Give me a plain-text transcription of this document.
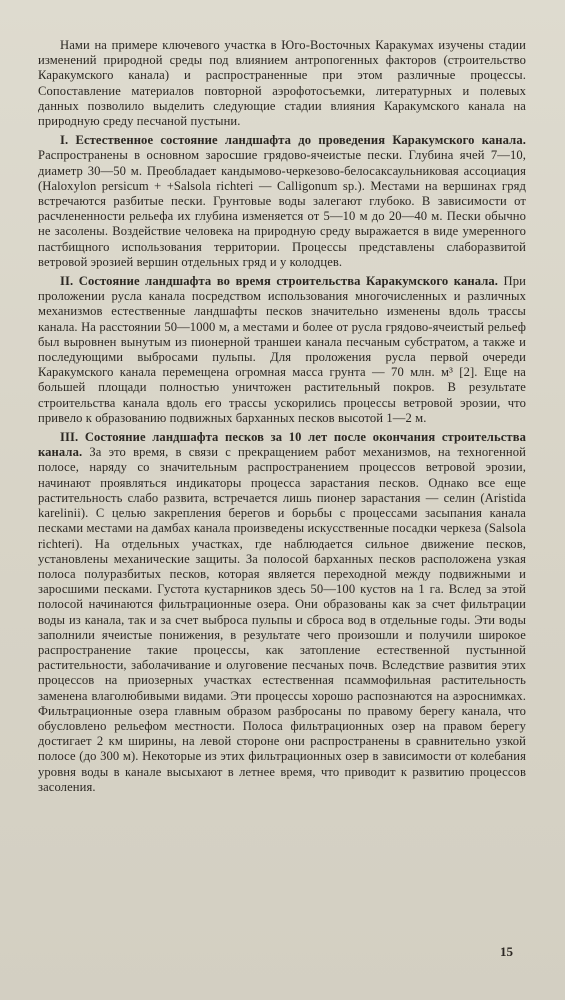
Нами на примере ключевого участка в Юго-Восточных Каракумах изучены стадии изменений природной среды под влиянием антропогенных факторов (строительство Каракумского канала) и распространенные при этом различные процессы. Сопоставление материалов повторной аэрофотосъемки, литературных и полевых данных позволило выделить следующие стадии влияния Каракумского канала на природную среду песчаной пустыни.

I. Естественное состояние ландшафта до проведения Каракумского канала. Распространены в основном заросшие грядово-ячеистые пески. Глубина ячей 7—10, диаметр 30—50 м. Преобладает кандымово-черкезово-белосаксаульниковая ассоциация (Haloxylon persicum + +Salsola richteri — Calligonum sp.). Местами на вершинах гряд встречаются разбитые пески. Грунтовые воды залегают глубоко. В зависимости от расчлененности рельефа их глубина изменяется от 5—10 м до 20—40 м. Пески обычно не засолены. Воздействие человека на природную среду выражается в виде умеренного пастбищного использования территории. Процессы представлены слаборазвитой ветровой эрозией вершин отдельных гряд и у колодцев.

II. Состояние ландшафта во время строительства Каракумского канала. При проложении русла канала посредством использования многочисленных и различных механизмов естественные ландшафты песков значительно изменены вдоль трассы канала. На расстоянии 50—1000 м, а местами и более от русла грядово-ячеистый рельеф был выровнен вынутым из пионерной траншеи канала песчаным субстратом, а также и последующими выбросами пульпы. Для проложения русла первой очереди Каракумского канала перемещена огромная масса грунта — 70 млн. м³ [2]. Еще на большей площади полностью уничтожен растительный покров. В результате строительства канала вдоль его трассы ускорились процессы ветровой эрозии, что привело к образованию подвижных барханных песков высотой 1—2 м.

III. Состояние ландшафта песков за 10 лет после окончания строительства канала. За это время, в связи с прекращением работ механизмов, на техногенной полосе, наряду со значительным распространением процессов ветровой эрозии, начинают проявляться индикаторы процесса зарастания песков. Однако все еще растительность слабо развита, встречается лишь пионер зарастания — селин (Aristida karelinii). С целью закрепления берегов и борьбы с процессами засыпания канала песками местами на дамбах канала произведены искусственные посадки черкеза (Salsola richteri). На отдельных участках, где наблюдается сильное движение песков, установлены механические защиты. За полосой барханных песков расположена узкая полоса полуразбитых песков, которая является переходной между подвижными и заросшими песками. Густота кустарников здесь 50—100 кустов на 1 га. Вслед за этой полосой начинаются фильтрационные озера. Они образованы как за счет фильтрации воды из канала, так и за счет выброса пульпы и сброса вод в отдельные годы. Эти воды заполнили ячеистые понижения, в результате чего произошли и получили широкое распространение такие процессы, как затопление естественной пустынной растительности, заболачивание и олуговение песчаных почв. Вследствие развития этих процессов на приозерных участках естественная псаммофильная растительность заменена влаголюбивыми видами. Эти процессы хорошо распознаются на аэроснимках. Фильтрационные озера главным образом разбросаны по правому берегу канала, что обусловлено рельефом местности. Полоса фильтрационных озер на правом берегу достигает 2 км ширины, на левой стороне они распространены в сравнительно узкой полосе (до 300 м). Некоторые из этих фильтрационных озер в зависимости от колебания уровня воды в канале высыхают в летнее время, что приводит к развитию процессов засоления.

15
